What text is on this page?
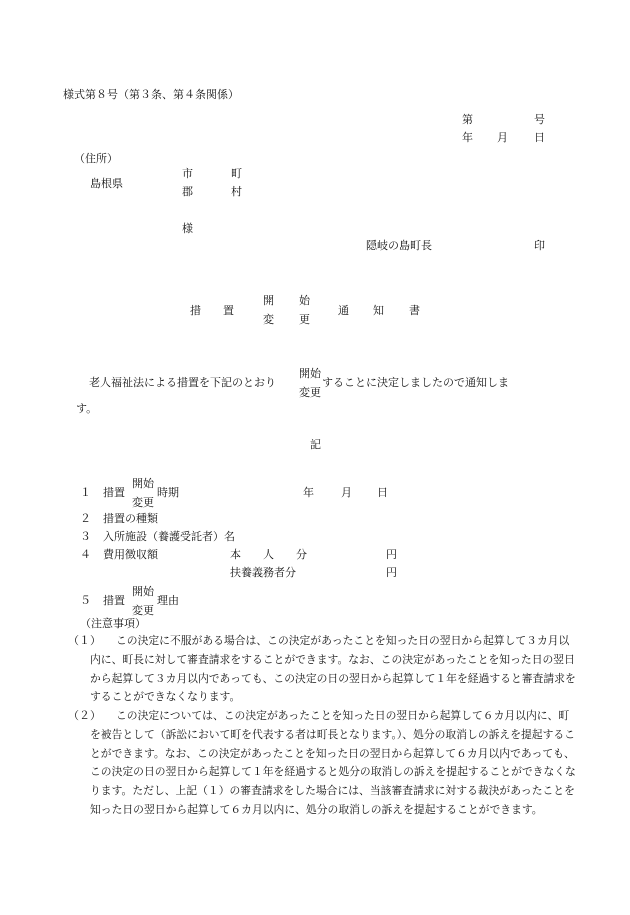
様式第８号（第３条、第４条関係）
第	号
年 月 日
（住所）
島根県
市	町
郡	村
様
隠岐の島町長	印
措　　置
開 始
変 更
通 知 書
老人福祉法による措置を下記のとおり
開始
変更
することに決定しましたので通知しま
す。
記
１ 措置
開始
変更
時期	年 月 日
２ 措置の種類
３ 入所施設（養護受託者）名
４ 費用徴収額	本　　人　　分	円
扶養義務者分	円
５ 措置
開始
変更
理由
（注意事項）
（１）	この決定に不服がある場合は、この決定があったことを知った日の翌日から起算して３カ月以内に、町長に対して審査請求をすることができます。なお、この決定があったことを知った日の翌日から起算して３カ月以内であっても、この決定の日の翌日から起算して１年を経過すると審査請求をすることができなくなります。
（２）	この決定については、この決定があったことを知った日の翌日から起算して６カ月以内に、町を被告として（訴訟において町を代表する者は町長となります。）、処分の取消しの訴えを提起することができます。なお、この決定があったことを知った日の翌日から起算して６カ月以内であっても、この決定の日の翌日から起算して１年を経過すると処分の取消しの訴えを提起することができなくなります。ただし、上記（１）の審査請求をした場合には、当該審査請求に対する裁決があったことを知った日の翌日から起算して６カ月以内に、処分の取消しの訴えを提起することができます。
